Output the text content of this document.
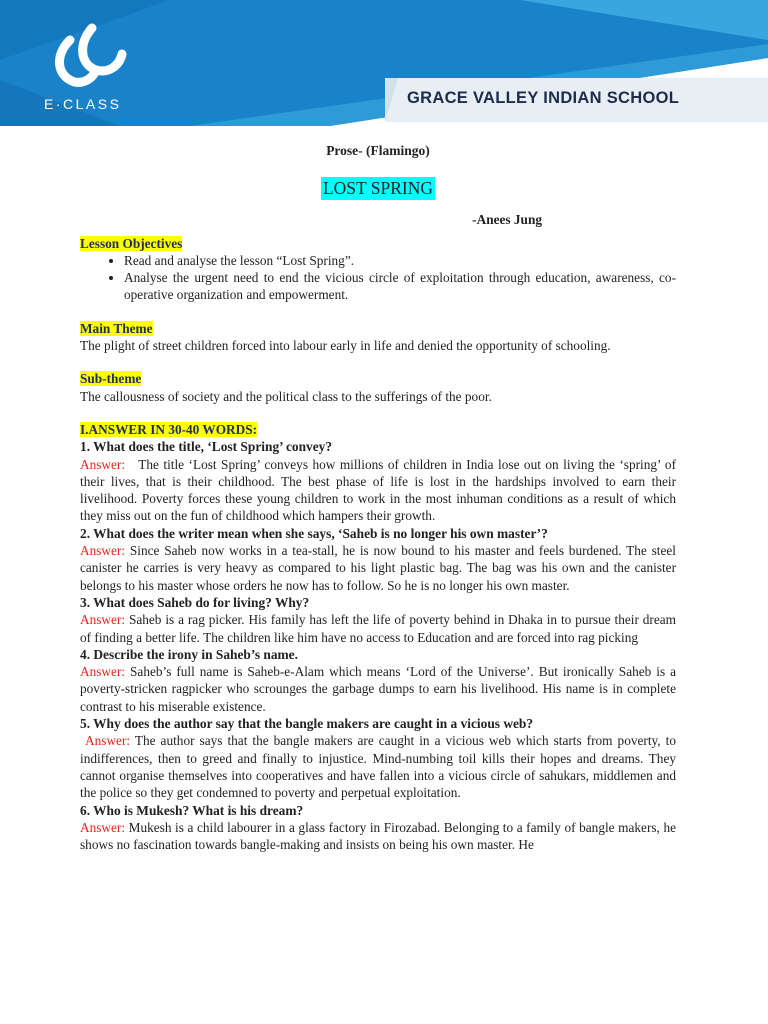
E·CLASS	GRACE VALLEY INDIAN SCHOOL
Prose- (Flamingo)
LOST SPRING
-Anees Jung
Lesson Objectives
• Read and analyse the lesson “Lost Spring”.
• Analyse the urgent need to end the vicious circle of exploitation through education, awareness, co-operative organization and empowerment.
Main Theme

The plight of street children forced into labour early in life and denied the opportunity of schooling.

Sub-theme

The callousness of society and the political class to the sufferings of the poor.

I.ANSWER IN 30-40 WORDS:

1. What does the title, ‘Lost Spring’ convey?

Answer: The title ‘Lost Spring’ conveys how millions of children in India lose out on living the ‘spring’ of their lives, that is their childhood. The best phase of life is lost in the hardships involved to earn their livelihood. Poverty forces these young children to work in the most inhuman conditions as a result of which they miss out on the fun of childhood which hampers their growth.

2. What does the writer mean when she says, ‘Saheb is no longer his own master’?

Answer: Since Saheb now works in a tea-stall, he is now bound to his master and feels burdened. The steel canister he carries is very heavy as compared to his light plastic bag. The bag was his own and the canister belongs to his master whose orders he now has to follow. So he is no longer his own master.

3. What does Saheb do for living? Why?

Answer: Saheb is a rag picker. His family has left the life of poverty behind in Dhaka in to pursue their dream of finding a better life. The children like him have no access to Education and are forced into rag picking

4. Describe the irony in Saheb’s name.

Answer: Saheb’s full name is Saheb-e-Alam which means ‘Lord of the Universe’. But ironically Saheb is a poverty-stricken ragpicker who scrounges the garbage dumps to earn his livelihood. His name is in complete contrast to his miserable existence.

5. Why does the author say that the bangle makers are caught in a vicious web?

Answer: The author says that the bangle makers are caught in a vicious web which starts from poverty, to indifferences, then to greed and finally to injustice. Mind-numbing toil kills their hopes and dreams. They cannot organise themselves into cooperatives and have fallen into a vicious circle of sahukars, middlemen and the police so they get condemned to poverty and perpetual exploitation.

6. Who is Mukesh? What is his dream?

Answer: Mukesh is a child labourer in a glass factory in Firozabad. Belonging to a family of bangle makers, he shows no fascination towards bangle-making and insists on being his own master. He
